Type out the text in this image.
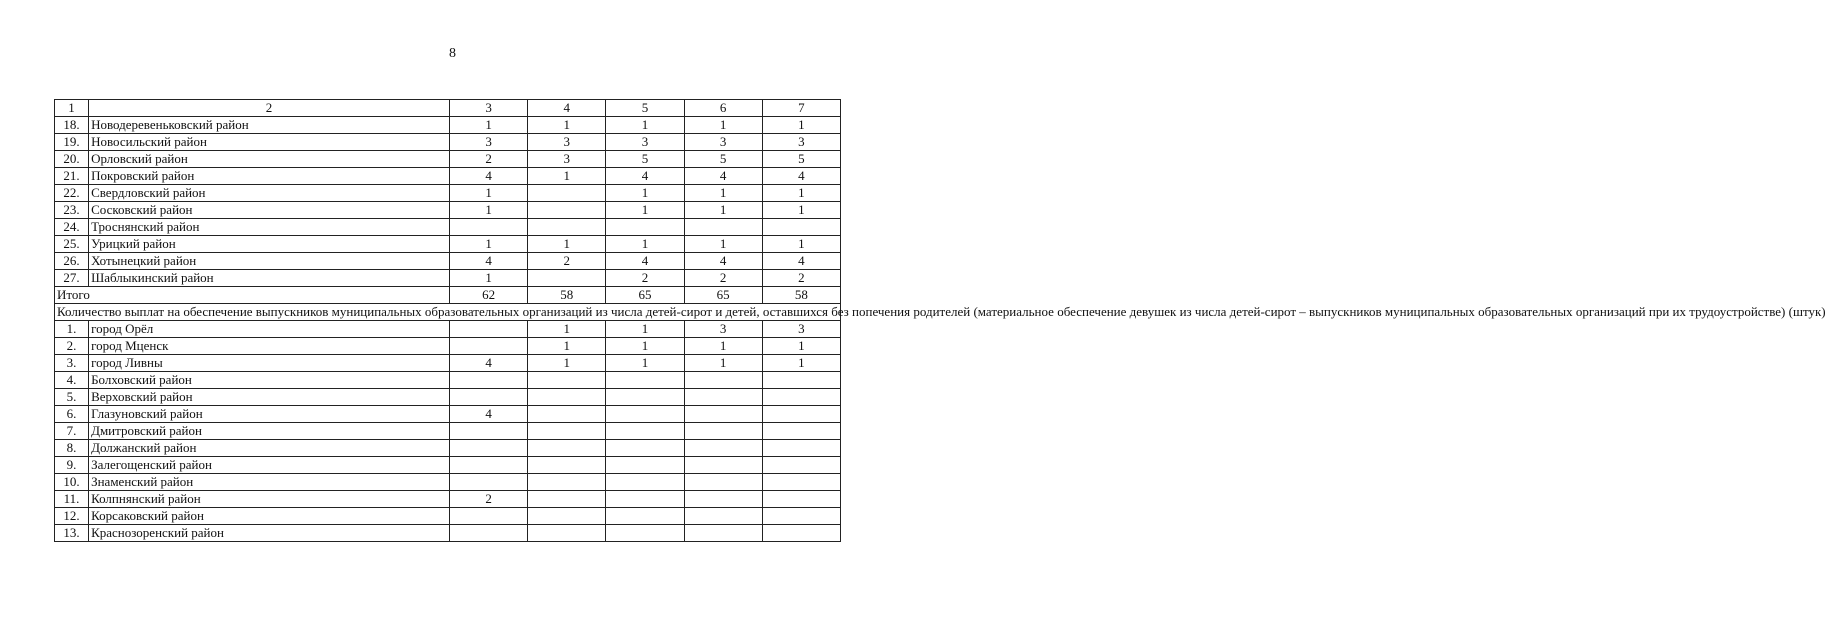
8
1	2	3	4	5	6	7
18.	Новодеревеньковский район	1	1	1	1	1
19.	Новосильский район	3	3	3	3	3
20.	Орловский район	2	3	5	5	5
21.	Покровский район	4	1	4	4	4
22.	Свердловский район	1		1	1	1
23.	Сосковский район	1		1	1	1
24.	Троснянский район					
25.	Урицкий район	1	1	1	1	1
26.	Хотынецкий район	4	2	4	4	4
27.	Шаблыкинский район	1		2	2	2
Итого		62	58	65	65	58
Количество выплат на обеспечение выпускников муниципальных образовательных организаций из числа детей-сирот и детей, оставшихся без попечения родителей (материальное обеспечение девушек из числа детей-сирот – выпускников муниципальных образовательных организаций при их трудоустройстве) (штук)						
1.	город Орёл		1	1	3	3
2.	город Мценск		1	1	1	1
3.	город Ливны	4	1	1	1	1
4.	Болховский район					
5.	Верховский район					
6.	Глазуновский район	4				
7.	Дмитровский район					
8.	Должанский район					
9.	Залегощенский район					
10.	Знаменский район					
11.	Колпнянский район	2				
12.	Корсаковский район					
13.	Краснозоренский район					
